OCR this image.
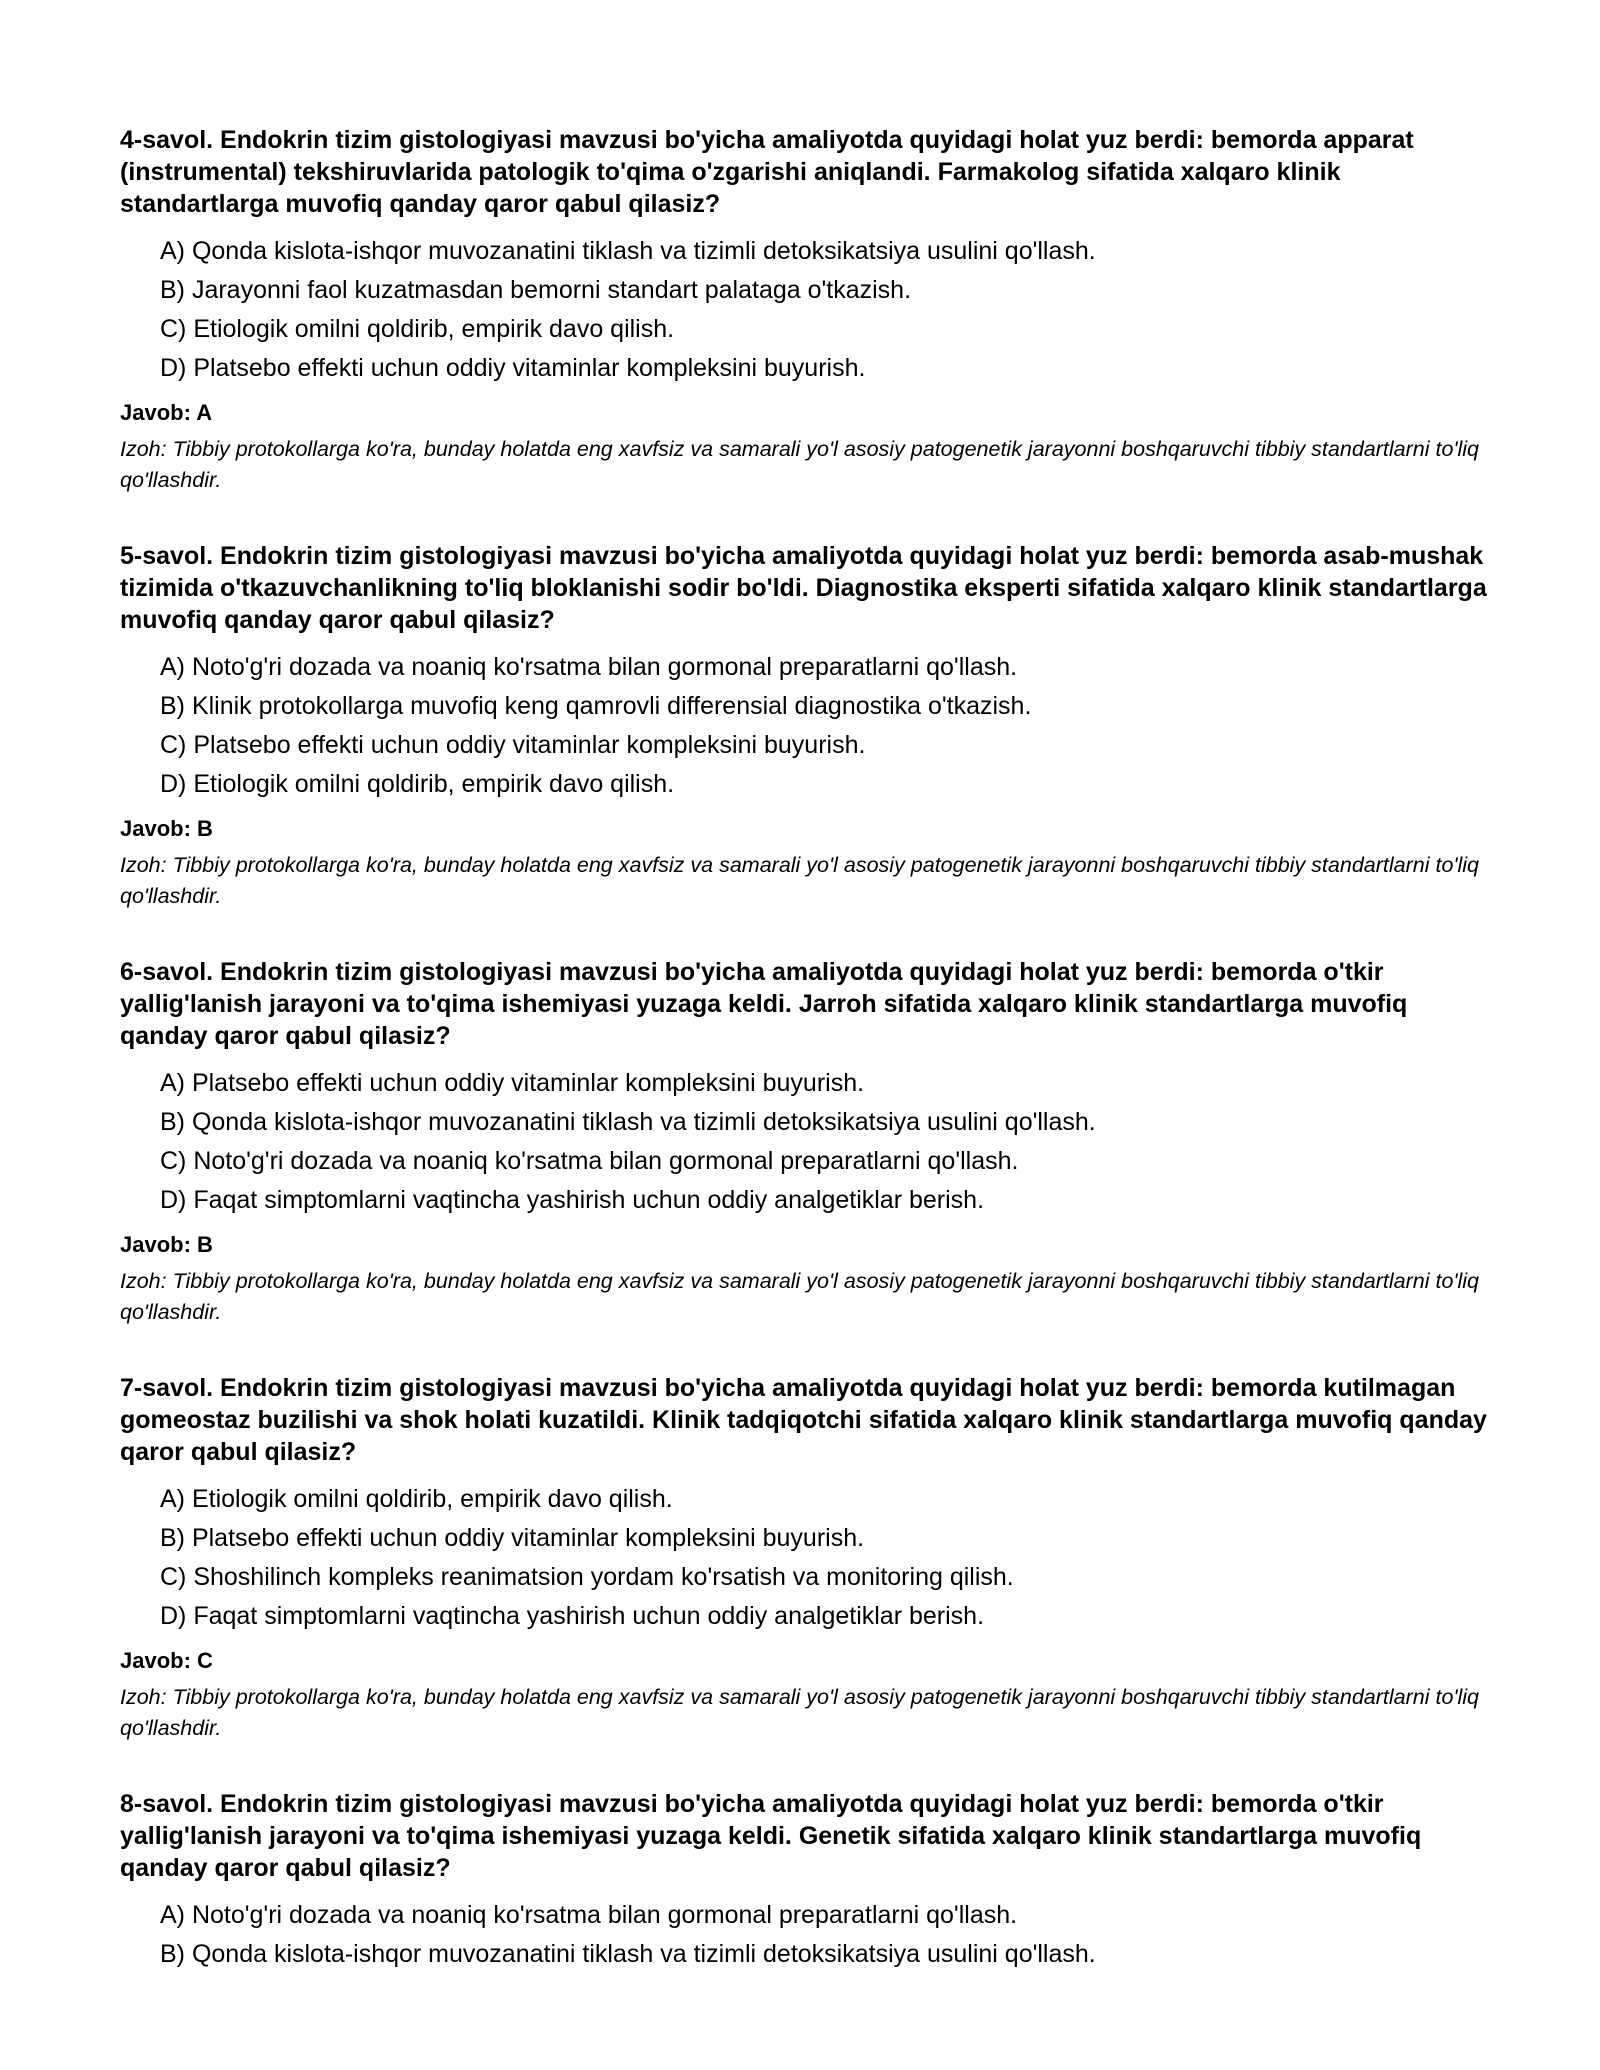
4-savol. Endokrin tizim gistologiyasi mavzusi bo'yicha amaliyotda quyidagi holat yuz berdi: bemorda apparat (instrumental) tekshiruvlarida patologik to'qima o'zgarishi aniqlandi. Farmakolog sifatida xalqaro klinik standartlarga muvofiq qanday qaror qabul qilasiz?

A) Qonda kislota-ishqor muvozanatini tiklash va tizimli detoksikatsiya usulini qo'llash.
B) Jarayonni faol kuzatmasdan bemorni standart palataga o'tkazish.
C) Etiologik omilni qoldirib, empirik davo qilish.
D) Platsebo effekti uchun oddiy vitaminlar kompleksini buyurish.

Javob: A

Izoh: Tibbiy protokollarga ko'ra, bunday holatda eng xavfsiz va samarali yo'l asosiy patogenetik jarayonni boshqaruvchi tibbiy standartlarni to'liq qo'llashdir.

5-savol. Endokrin tizim gistologiyasi mavzusi bo'yicha amaliyotda quyidagi holat yuz berdi: bemorda asab-mushak tizimida o'tkazuvchanlikning to'liq bloklanishi sodir bo'ldi. Diagnostika eksperti sifatida xalqaro klinik standartlarga muvofiq qanday qaror qabul qilasiz?

A) Noto'g'ri dozada va noaniq ko'rsatma bilan gormonal preparatlarni qo'llash.
B) Klinik protokollarga muvofiq keng qamrovli differensial diagnostika o'tkazish.
C) Platsebo effekti uchun oddiy vitaminlar kompleksini buyurish.
D) Etiologik omilni qoldirib, empirik davo qilish.

Javob: B

Izoh: Tibbiy protokollarga ko'ra, bunday holatda eng xavfsiz va samarali yo'l asosiy patogenetik jarayonni boshqaruvchi tibbiy standartlarni to'liq qo'llashdir.

6-savol. Endokrin tizim gistologiyasi mavzusi bo'yicha amaliyotda quyidagi holat yuz berdi: bemorda o'tkir yallig'lanish jarayoni va to'qima ishemiyasi yuzaga keldi. Jarroh sifatida xalqaro klinik standartlarga muvofiq qanday qaror qabul qilasiz?

A) Platsebo effekti uchun oddiy vitaminlar kompleksini buyurish.
B) Qonda kislota-ishqor muvozanatini tiklash va tizimli detoksikatsiya usulini qo'llash.
C) Noto'g'ri dozada va noaniq ko'rsatma bilan gormonal preparatlarni qo'llash.
D) Faqat simptomlarni vaqtincha yashirish uchun oddiy analgetiklar berish.

Javob: B

Izoh: Tibbiy protokollarga ko'ra, bunday holatda eng xavfsiz va samarali yo'l asosiy patogenetik jarayonni boshqaruvchi tibbiy standartlarni to'liq qo'llashdir.

7-savol. Endokrin tizim gistologiyasi mavzusi bo'yicha amaliyotda quyidagi holat yuz berdi: bemorda kutilmagan gomeostaz buzilishi va shok holati kuzatildi. Klinik tadqiqotchi sifatida xalqaro klinik standartlarga muvofiq qanday qaror qabul qilasiz?

A) Etiologik omilni qoldirib, empirik davo qilish.
B) Platsebo effekti uchun oddiy vitaminlar kompleksini buyurish.
C) Shoshilinch kompleks reanimatsion yordam ko'rsatish va monitoring qilish.
D) Faqat simptomlarni vaqtincha yashirish uchun oddiy analgetiklar berish.

Javob: C

Izoh: Tibbiy protokollarga ko'ra, bunday holatda eng xavfsiz va samarali yo'l asosiy patogenetik jarayonni boshqaruvchi tibbiy standartlarni to'liq qo'llashdir.

8-savol. Endokrin tizim gistologiyasi mavzusi bo'yicha amaliyotda quyidagi holat yuz berdi: bemorda o'tkir yallig'lanish jarayoni va to'qima ishemiyasi yuzaga keldi. Genetik sifatida xalqaro klinik standartlarga muvofiq qanday qaror qabul qilasiz?

A) Noto'g'ri dozada va noaniq ko'rsatma bilan gormonal preparatlarni qo'llash.
B) Qonda kislota-ishqor muvozanatini tiklash va tizimli detoksikatsiya usulini qo'llash.
